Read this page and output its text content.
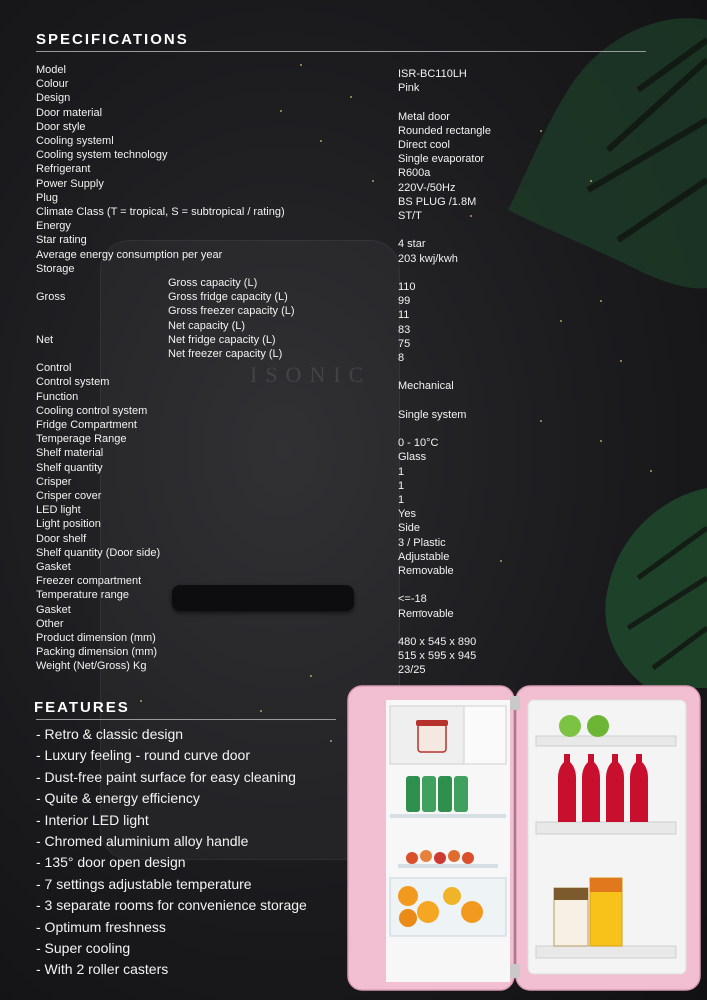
ISONIC
SPECIFICATIONS
Model	ISR-BC110LH
Colour	Pink
Design
Door material	Metal door
Door style	Rounded rectangle
Cooling systeml	Direct cool
Cooling system technology	Single evaporator
Refrigerant	R600a
Power Supply	220V-/50Hz
Plug	BS PLUG /1.8M
Climate Class (T = tropical, S = subtropical / rating)	ST/T
Energy
Star rating	4 star
Average energy consumption per year	203 kwj/kwh
Storage
Gross capacity (L)	110
Gross	Gross fridge capacity (L)	99
Gross freezer capacity (L)	11
Net capacity (L)	83
Net	Net fridge capacity (L)	75
Net freezer capacity (L)	8
Control
Control system	Mechanical
Function
Cooling control system	Single system
Fridge Compartment
Temperage Range	0 - 10°C
Shelf material	Glass
Shelf quantity	1
Crisper	1
Crisper cover	1
LED light	Yes
Light position	Side
Door shelf	3 / Plastic
Shelf quantity (Door side)	Adjustable
Gasket	Removable
Freezer compartment
Temperature range	<=-18
Gasket	Removable
Other
Product dimension (mm)	480 x 545 x 890
Packing dimension (mm)	515 x 595 x 945
Weight (Net/Gross) Kg	23/25
FEATURES
- Retro & classic design
- Luxury feeling - round curve door
- Dust-free paint surface for easy cleaning
- Quite & energy efficiency
- Interior LED light
- Chromed aluminium alloy handle
- 135° door open design
- 7 settings adjustable temperature
- 3 separate rooms for convenience storage
- Optimum freshness
- Super cooling
- With 2 roller casters
